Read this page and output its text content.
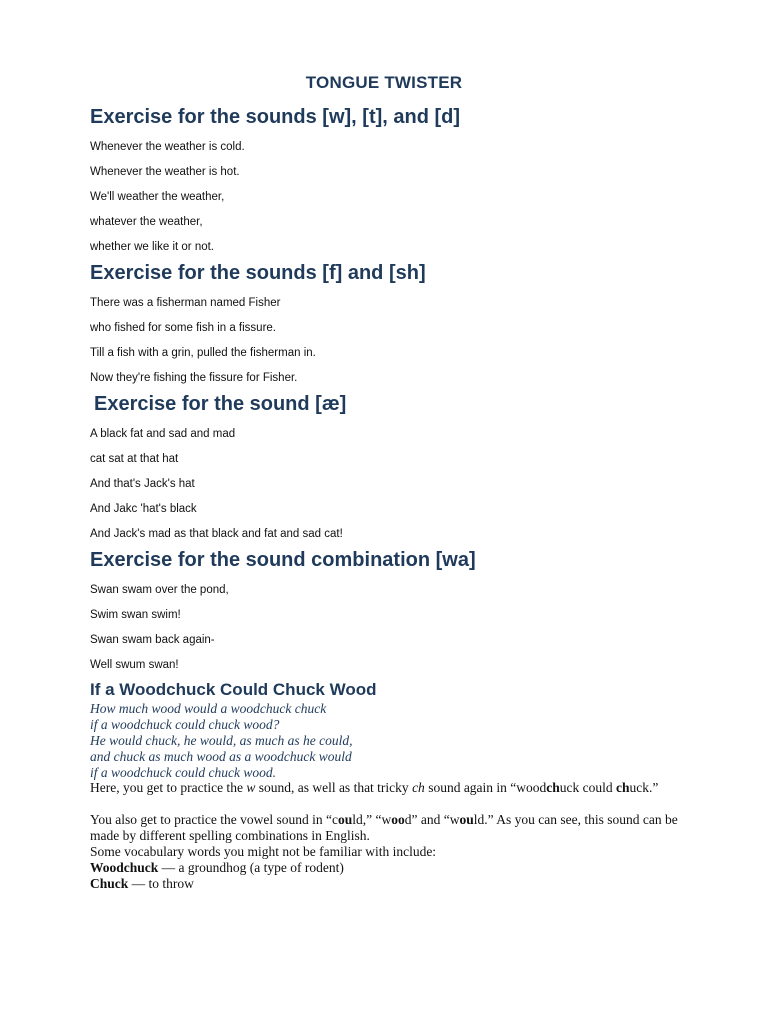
TONGUE TWISTER
Exercise for the sounds [w], [t], and [d]
Whenever the weather is cold.
Whenever the weather is hot.
We'll weather the weather,
whatever the weather,
whether we like it or not.
Exercise for the sounds [f] and [sh]
There was a fisherman named Fisher
who fished for some fish in a fissure.
Till a fish with a grin, pulled the fisherman in.
Now they're fishing the fissure for Fisher.
Exercise for the sound [æ]
A black fat and sad and mad
cat sat at that hat
And that's Jack's hat
And Jakc 'hat's black
And Jack's mad as that black and fat and sad cat!
Exercise for the sound combination [wa]
Swan swam over the pond,
Swim swan swim!
Swan swam back again-
Well swum swan!
If a Woodchuck Could Chuck Wood
How much wood would a woodchuck chuck
if a woodchuck could chuck wood?
He would chuck, he would, as much as he could,
and chuck as much wood as a woodchuck would
if a woodchuck could chuck wood.
Here, you get to practice the w sound, as well as that tricky ch sound again in “woodchuck could chuck.”
You also get to practice the vowel sound in “could,” “wood” and “would.” As you can see, this sound can be made by different spelling combinations in English.
Some vocabulary words you might not be familiar with include:
Woodchuck — a groundhog (a type of rodent)
Chuck — to throw
